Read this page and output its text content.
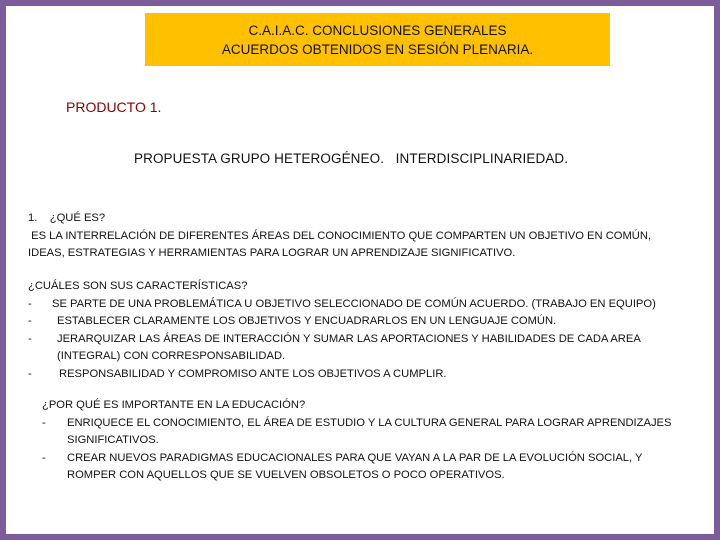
C.A.I.A.C. CONCLUSIONES GENERALES
ACUERDOS OBTENIDOS EN SESIÓN PLENARIA.
PRODUCTO 1.
PROPUESTA GRUPO HETEROGÉNEO.   INTERDISCIPLINARIEDAD.
1.    ¿QUÉ ES?
ES LA INTERRELACIÓN DE DIFERENTES ÁREAS DEL CONOCIMIENTO QUE COMPARTEN UN OBJETIVO EN COMÚN,
IDEAS, ESTRATEGIAS Y HERRAMIENTAS PARA LOGRAR UN APRENDIZAJE SIGNIFICATIVO.
¿CUÁLES SON SUS CARACTERÍSTICAS?
-	SE PARTE DE UNA PROBLEMÁTICA U OBJETIVO SELECCIONADO DE COMÚN ACUERDO. (TRABAJO EN EQUIPO)
-	ESTABLECER CLARAMENTE LOS OBJETIVOS Y ENCUADRARLOS EN UN LENGUAJE COMÚN.
-	JERARQUIZAR LAS ÁREAS DE INTERACCIÓN Y SUMAR LAS APORTACIONES Y HABILIDADES DE CADA AREA
(INTEGRAL) CON CORRESPONSABILIDAD.
-	RESPONSABILIDAD Y COMPROMISO ANTE LOS OBJETIVOS A CUMPLIR.
¿POR QUÉ ES IMPORTANTE EN LA EDUCACIÓN?
-	ENRIQUECE EL CONOCIMIENTO, EL ÁREA DE ESTUDIO Y LA CULTURA GENERAL PARA LOGRAR APRENDIZAJES
SIGNIFICATIVOS.
-	CREAR NUEVOS PARADIGMAS EDUCACIONALES PARA QUE VAYAN A LA PAR DE LA EVOLUCIÓN SOCIAL, Y
ROMPER CON AQUELLOS QUE SE VUELVEN OBSOLETOS O POCO OPERATIVOS.
